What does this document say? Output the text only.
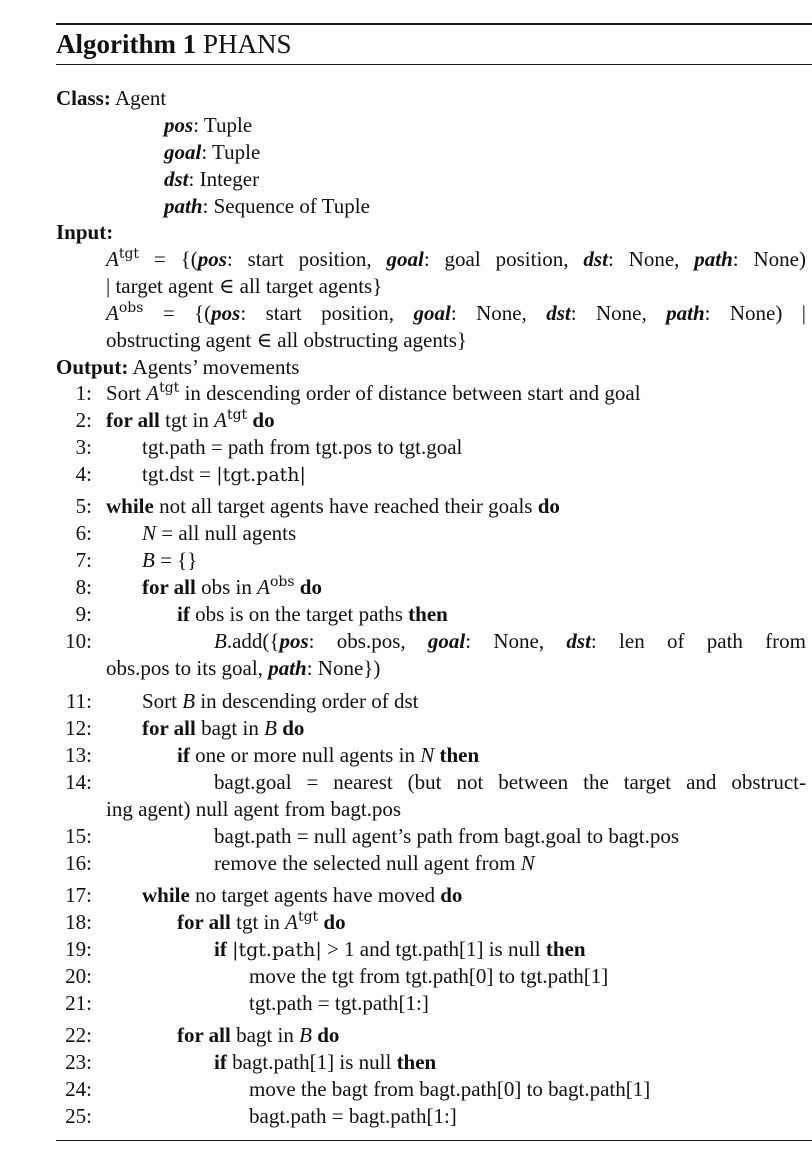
Algorithm 1 PHANS
Class: Agent
pos: Tuple
goal: Tuple
dst: Integer
path: Sequence of Tuple
Input:
$A^{tgt} = \{(pos$: start position, goal: goal position, dst: None, path: None)
| target agent ∈ all target agents}
$A^{obs} = \{(pos$: start position, goal: None, dst: None, path: None) |
obstructing agent ∈ all obstructing agents}
Output: Agents’ movements
1: Sort $A^{tgt}$ in descending order of distance between start and goal
2: for all tgt in $A^{tgt}$ do
3: tgt.path = path from tgt.pos to tgt.goal
4: tgt.dst = |tgt.path|
5: while not all target agents have reached their goals do
6: N = all null agents
7: B = {}
8: for all obs in $A^{obs}$ do
9:	if obs is on the target paths then
10:	B.add({pos: obs.pos, goal: None, dst: len of path from
obs.pos to its goal, path: None})
11: Sort B in descending order of dst
12: for all bagt in B do
13:	if one or more null agents in N then
14:	bagt.goal = nearest (but not between the target and obstruct-
ing agent) null agent from bagt.pos
15:	bagt.path = null agent’s path from bagt.goal to bagt.pos
16:	remove the selected null agent from N
17: while no target agents have moved do
18:	for all tgt in $A^{tgt}$ do
19:	if |tgt.path| > 1 and tgt.path[1] is null then
20:	move the tgt from tgt.path[0] to tgt.path[1]
21:	tgt.path = tgt.path[1:]
22:	for all bagt in B do
23:	if bagt.path[1] is null then
24:	move the bagt from bagt.path[0] to bagt.path[1]
25:	bagt.path = bagt.path[1:]
